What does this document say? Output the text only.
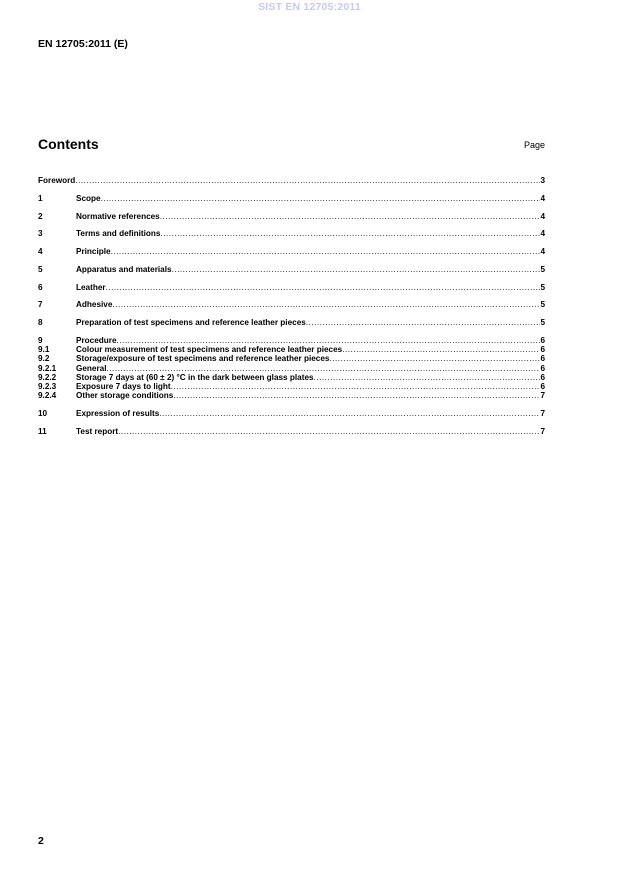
SIST EN 12705:2011
EN 12705:2011 (E)
Contents	Page
Foreword .....	3
1	Scope .....	4
2	Normative references .....	4
3	Terms and definitions .....	4
4	Principle .....	4
5	Apparatus and materials .....	5
6	Leather .....	5
7	Adhesive .....	5
8	Preparation of test specimens and reference leather pieces .....	5
9	Procedure .....	6
9.1	Colour measurement of test specimens and reference leather pieces .....	6
9.2	Storage/exposure of test specimens and reference leather pieces .....	6
9.2.1	General .....	6
9.2.2	Storage 7 days at (60 ± 2) °C in the dark between glass plates .....	6
9.2.3	Exposure 7 days to light .....	6
9.2.4	Other storage conditions .....	7
10	Expression of results .....	7
11	Test report .....	7
2
